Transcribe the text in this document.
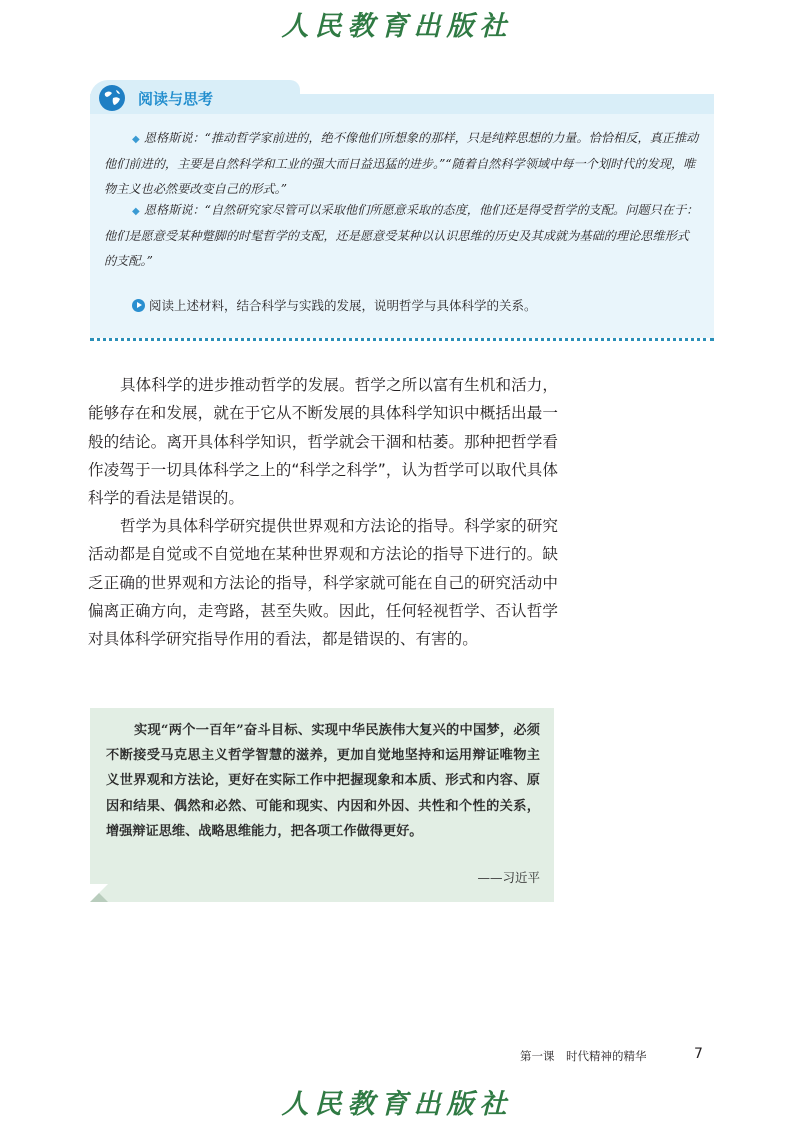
人民教育出版社
阅读与思考

◆ 恩格斯说：“推动哲学家前进的，绝不像他们所想象的那样，只是纯粹思想的力量。恰恰相反，真正推动他们前进的，主要是自然科学和工业的强大而日益迅猛的进步。”“随着自然科学领域中每一个划时代的发现，唯物主义也必然要改变自己的形式。”

◆ 恩格斯说：“自然研究家尽管可以采取他们所愿意采取的态度，他们还是得受哲学的支配。问题只在于：他们是愿意受某种蹩脚的时髦哲学的支配，还是愿意受某种以认识思维的历史及其成就为基础的理论思维形式的支配。”

阅读上述材料，结合科学与实践的发展，说明哲学与具体科学的关系。

具体科学的进步推动哲学的发展。哲学之所以富有生机和活力，能够存在和发展，就在于它从不断发展的具体科学知识中概括出最一般的结论。离开具体科学知识，哲学就会干涸和枯萎。那种把哲学看作凌驾于一切具体科学之上的“科学之科学”，认为哲学可以取代具体科学的看法是错误的。

哲学为具体科学研究提供世界观和方法论的指导。科学家的研究活动都是自觉或不自觉地在某种世界观和方法论的指导下进行的。缺乏正确的世界观和方法论的指导，科学家就可能在自己的研究活动中偏离正确方向，走弯路，甚至失败。因此，任何轻视哲学、否认哲学对具体科学研究指导作用的看法，都是错误的、有害的。

实现“两个一百年”奋斗目标、实现中华民族伟大复兴的中国梦，必须不断接受马克思主义哲学智慧的滋养，更加自觉地坚持和运用辩证唯物主义世界观和方法论，更好在实际工作中把握现象和本质、形式和内容、原因和结果、偶然和必然、可能和现实、内因和外因、共性和个性的关系，增强辩证思维、战略思维能力，把各项工作做得更好。

——习近平
第一课　时代精神的精华	7
人民教育出版社
